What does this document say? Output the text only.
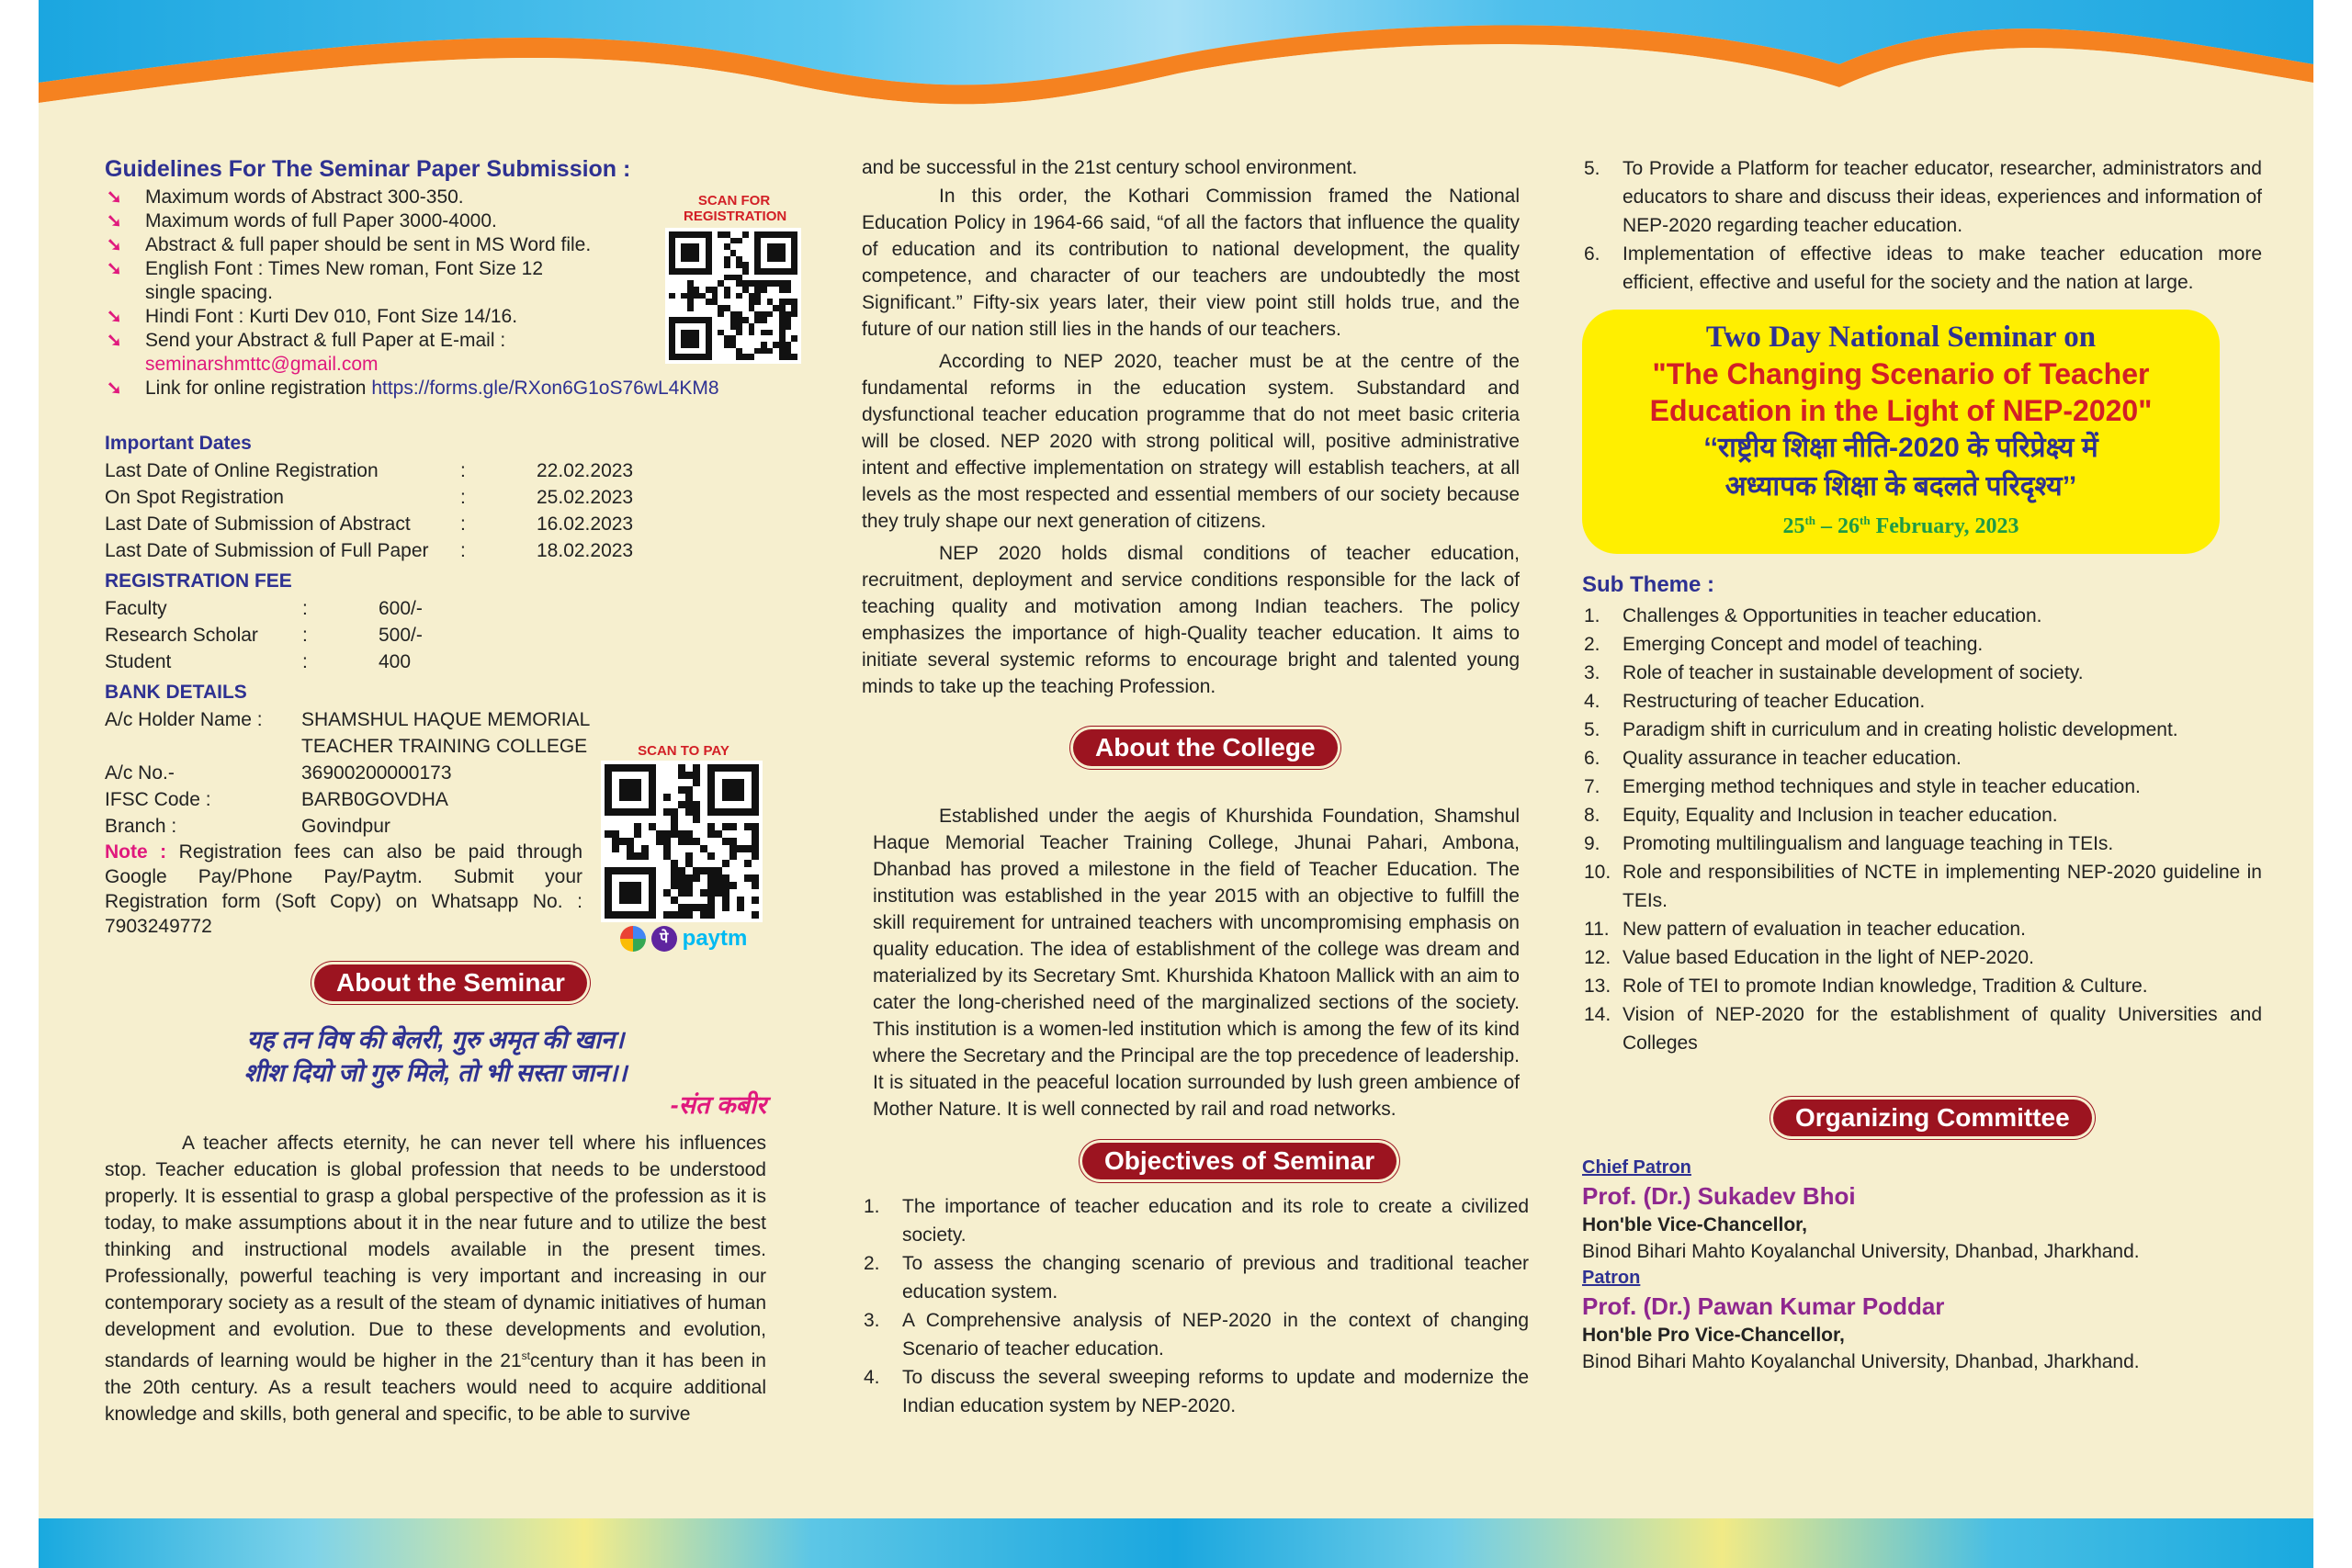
Guidelines For The Seminar Paper Submission :
➘ Maximum words of Abstract 300-350.
➘ Maximum words of full Paper 3000-4000.
➘ Abstract & full paper should be sent in MS Word file.
➘ English Font : Times New roman, Font Size 12 single spacing.
➘ Hindi Font : Kurti Dev 010, Font Size 14/16.
➘ Send your Abstract & full Paper at E-mail :
seminarshmttc@gmail.com
➘ Link for online registration https://forms.gle/RXon6G1oS76wL4KM8
SCAN FOR REGISTRATION
Important Dates
Last Date of Online Registration	:	22.02.2023
On Spot Registration	:	25.02.2023
Last Date of Submission of Abstract	:	16.02.2023
Last Date of Submission of Full Paper	:	18.02.2023
REGISTRATION FEE
Faculty	:	600/-
Research Scholar	:	500/-
Student	:	400
BANK DETAILS
A/c Holder Name :	SHAMSHUL HAQUE MEMORIAL
TEACHER TRAINING COLLEGE
A/c No.-	36900200000173
IFSC Code :	BARB0GOVDHA
Branch :	Govindpur
Note : Registration fees can also be paid through Google Pay/Phone Pay/Paytm. Submit your Registration form (Soft Copy) on Whatsapp No. : 7903249772
SCAN TO PAY
पे paytm
About the Seminar
यह तन विष की बेलरी, गुरु अमृत की खान।
शीश दियो जो गुरु मिले, तो भी सस्ता जान।।
-संत कबीर
A teacher affects eternity, he can never tell where his influences stop. Teacher education is global profession that needs to be understood properly. It is essential to grasp a global perspective of the profession as it is today, to make assumptions about it in the near future and to utilize the best thinking and instructional models available in the present times. Professionally, powerful teaching is very important and increasing in our contemporary society as a result of the steam of dynamic initiatives of human development and evolution. Due to these developments and evolution, standards of learning would be higher in the 21stcentury than it has been in the 20th century. As a result teachers would need to acquire additional knowledge and skills, both general and specific, to be able to survive
and be successful in the 21st century school environment.
In this order, the Kothari Commission framed the National Education Policy in 1964-66 said, “of all the factors that influence the quality of education and its contribution to national development, the quality competence, and character of our teachers are undoubtedly the most Significant.” Fifty-six years later, their view point still holds true, and the future of our nation still lies in the hands of our teachers.
According to NEP 2020, teacher must be at the centre of the fundamental reforms in the education system. Substandard and dysfunctional teacher education programme that do not meet basic criteria will be closed. NEP 2020 with strong political will, positive administrative intent and effective implementation on strategy will establish teachers, at all levels as the most respected and essential members of our society because they truly shape our next generation of citizens.
NEP 2020 holds dismal conditions of teacher education, recruitment, deployment and service conditions responsible for the lack of teaching quality and motivation among Indian teachers. The policy emphasizes the importance of high-Quality teacher education. It aims to initiate several systemic reforms to encourage bright and talented young minds to take up the teaching Profession.
About the College
Established under the aegis of Khurshida Foundation, Shamshul Haque Memorial Teacher Training College, Jhunai Pahari, Ambona, Dhanbad has proved a milestone in the field of Teacher Education. The institution was established in the year 2015 with an objective to fulfill the skill requirement for untrained teachers with uncompromising emphasis on quality education. The idea of establishment of the college was dream and materialized by its Secretary Smt. Khurshida Khatoon Mallick with an aim to cater the long-cherished need of the marginalized sections of the society. This institution is a women-led institution which is among the few of its kind where the Secretary and the Principal are the top precedence of leadership. It is situated in the peaceful location surrounded by lush green ambience of Mother Nature. It is well connected by rail and road networks.
Objectives of Seminar
1. The importance of teacher education and its role to create a civilized society.
2. To assess the changing scenario of previous and traditional teacher education system.
3. A Comprehensive analysis of NEP-2020 in the context of changing Scenario of teacher education.
4. To discuss the several sweeping reforms to update and modernize the Indian education system by NEP-2020.
5. To Provide a Platform for teacher educator, researcher, administrators and educators to share and discuss their ideas, experiences and information of NEP-2020 regarding teacher education.
6. Implementation of effective ideas to make teacher education more efficient, effective and useful for the society and the nation at large.
Two Day National Seminar on
"The Changing Scenario of Teacher
Education in the Light of NEP-2020"
‘‘राष्ट्रीय शिक्षा नीति-2020 के परिप्रेक्ष्य में
अध्यापक शिक्षा के बदलते परिदृश्य’’
25th – 26th February, 2023
Sub Theme :
1. Challenges & Opportunities in teacher education.
2. Emerging Concept and model of teaching.
3. Role of teacher in sustainable development of society.
4. Restructuring of teacher Education.
5. Paradigm shift in curriculum and in creating holistic development.
6. Quality assurance in teacher education.
7. Emerging method techniques and style in teacher education.
8. Equity, Equality and Inclusion in teacher education.
9. Promoting multilingualism and language teaching in TEIs.
10. Role and responsibilities of NCTE in implementing NEP-2020 guideline in TEIs.
11. New pattern of evaluation in teacher education.
12. Value based Education in the light of NEP-2020.
13. Role of TEI to promote Indian knowledge, Tradition & Culture.
14. Vision of NEP-2020 for the establishment of quality Universities and Colleges
Organizing Committee
Chief Patron
Prof. (Dr.) Sukadev Bhoi
Hon'ble Vice-Chancellor,
Binod Bihari Mahto Koyalanchal University, Dhanbad, Jharkhand.
Patron
Prof. (Dr.) Pawan Kumar Poddar
Hon'ble Pro Vice-Chancellor,
Binod Bihari Mahto Koyalanchal University, Dhanbad, Jharkhand.
